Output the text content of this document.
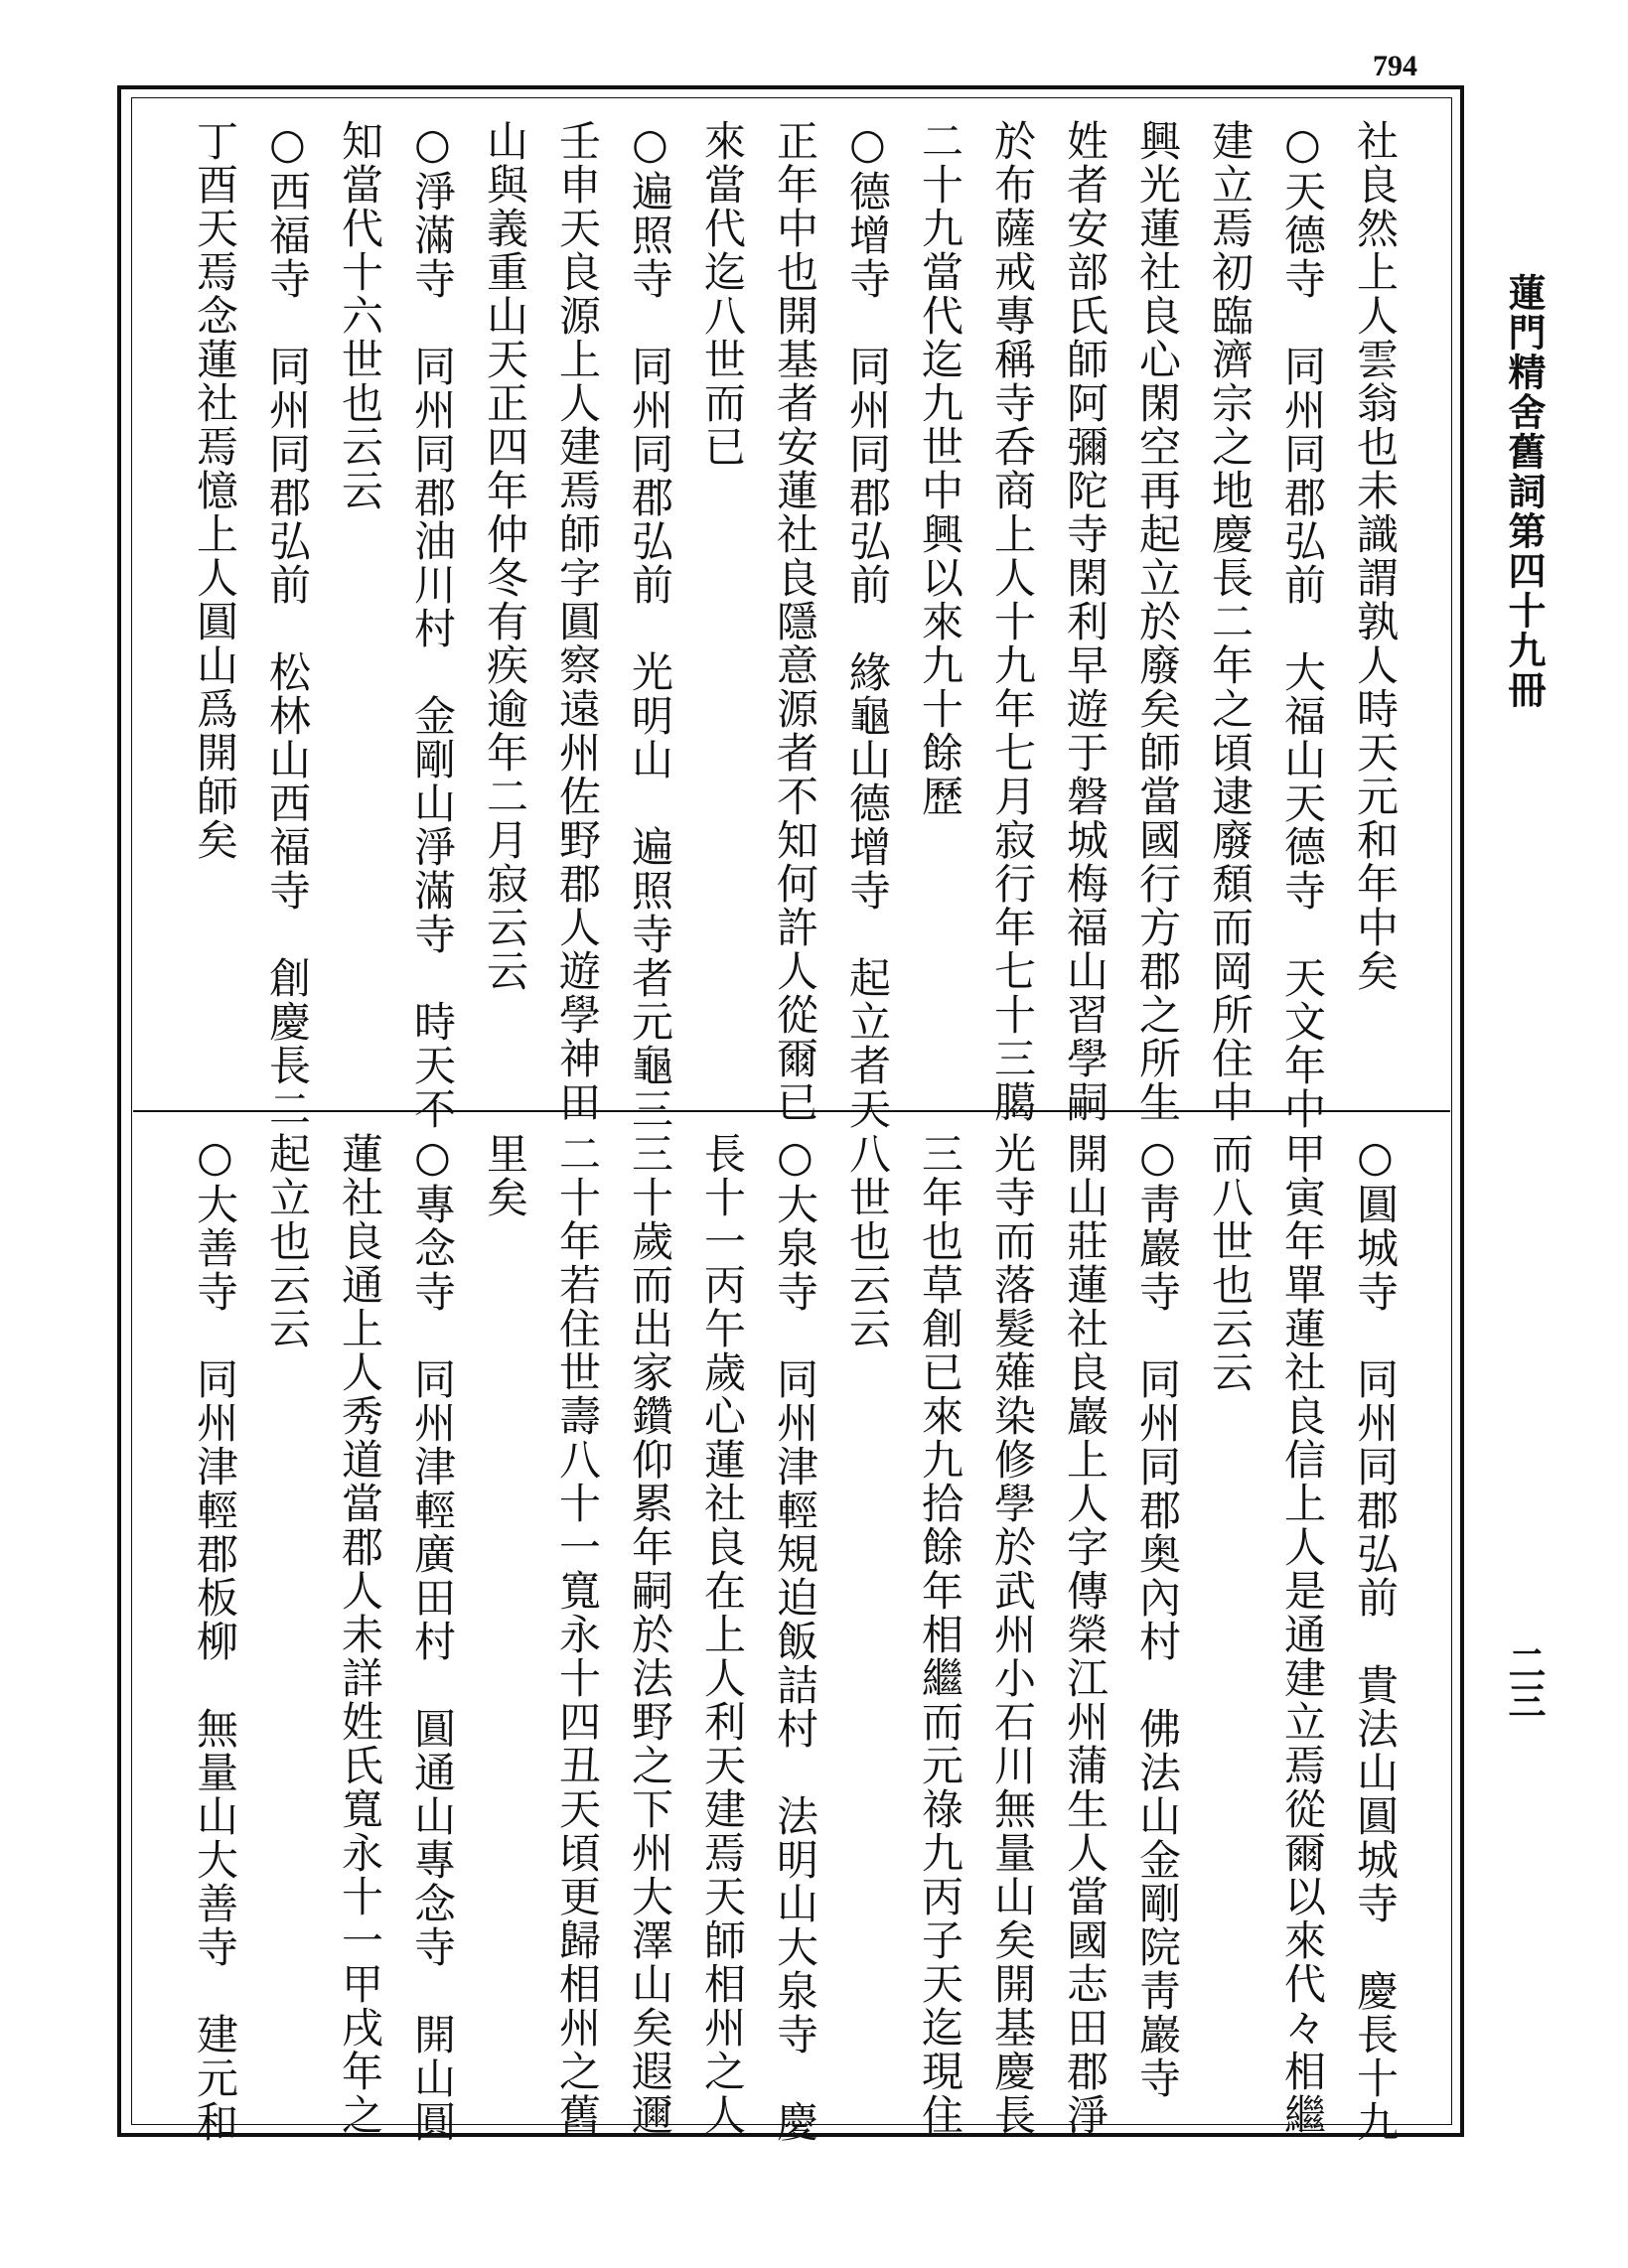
794
蓮門精舍舊詞第四十九冊
二三

社良然上人雲翁也未識謂孰人時天元和年中矣

○天德寺　同州同郡弘前　大福山天德寺　天文年中

建立焉初臨濟宗之地慶長二年之頃逮廢頹而岡所住中

興光蓮社良心閑空再起立於廢矣師當國行方郡之所生

姓者安部氏師阿彌陀寺閑利早遊于磐城梅福山習學嗣

於布薩戒專稱寺呑商上人十九年七月寂行年七十三臈

二十九當代迄九世中興以來九十餘歷

○德增寺　同州同郡弘前　緣龜山德增寺　起立者天

正年中也開基者安蓮社良隱意源者不知何許人從爾已

來當代迄八世而已

○遍照寺　同州同郡弘前　光明山　遍照寺者元龜三

壬申天良源上人建焉師字圓察遠州佐野郡人遊學神田

山與義重山天正四年仲冬有疾逾年二月寂云云

○淨滿寺　同州同郡油川村　金剛山淨滿寺　時天不

知當代十六世也云云

○西福寺　同州同郡弘前　松林山西福寺　創慶長二

丁酉天焉念蓮社焉憶上人圓山爲開師矣

○圓城寺　同州同郡弘前　貴法山圓城寺　慶長十九

甲寅年單蓮社良信上人是通建立焉從爾以來代々相繼

而八世也云云

○靑巖寺　同州同郡奥內村　佛法山金剛院靑巖寺

開山莊蓮社良巖上人字傳榮江州蒲生人當國志田郡淨

光寺而落髮薙染修學於武州小石川無量山矣開基慶長

三年也草創已來九拾餘年相繼而元祿九丙子天迄現住

八世也云云

○大泉寺　同州津輕䂓迫飯詰村　法明山大泉寺　慶

長十一丙午歲心蓮社良在上人利天建焉天師相州之人

三十歲而出家鑽仰累年嗣於法野之下州大澤山矣遐邇

二十年若住世壽八十一寬永十四丑天頃更歸相州之舊

里矣

○專念寺　同州津輕廣田村　圓通山專念寺　開山圓

蓮社良通上人秀道當郡人未詳姓氏寬永十一甲戌年之

起立也云云

○大善寺　同州津輕郡板柳　無量山大善寺　建元和
